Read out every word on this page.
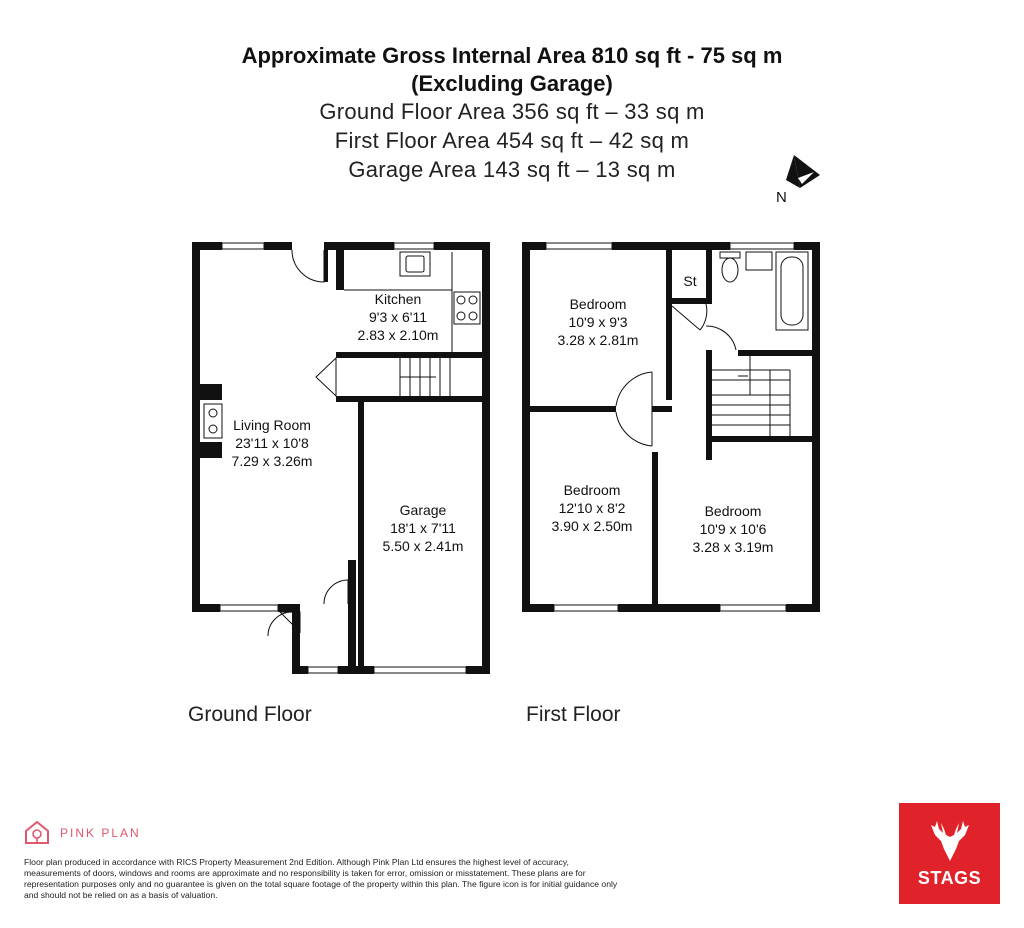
Approximate Gross Internal Area 810 sq ft - 75 sq m
(Excluding Garage)
Ground Floor Area 356 sq ft – 33 sq m
First Floor Area 454 sq ft – 42 sq m
Garage Area 143 sq ft – 13 sq m
N
Kitchen
9'3 x 6'11
2.83 x 2.10m
Living Room
23'11 x 10'8
7.29 x 3.26m
Garage
18'1 x 7'11
5.50 x 2.41m
St
Bedroom
10'9 x 9'3
3.28 x 2.81m
Bedroom
12'10 x 8'2
3.90 x 2.50m
Bedroom
10'9 x 10'6
3.28 x 3.19m
Ground Floor	First Floor
PINK PLAN
Floor plan produced in accordance with RICS Property Measurement 2nd Edition. Although Pink Plan Ltd ensures the highest level of accuracy, measurements of doors, windows and rooms are approximate and no responsibility is taken for error, omission or misstatement. These plans are for representation purposes only and no guarantee is given on the total square footage of the property within this plan. The figure icon is for initial guidance only and should not be relied on as a basis of valuation.
STAGS
